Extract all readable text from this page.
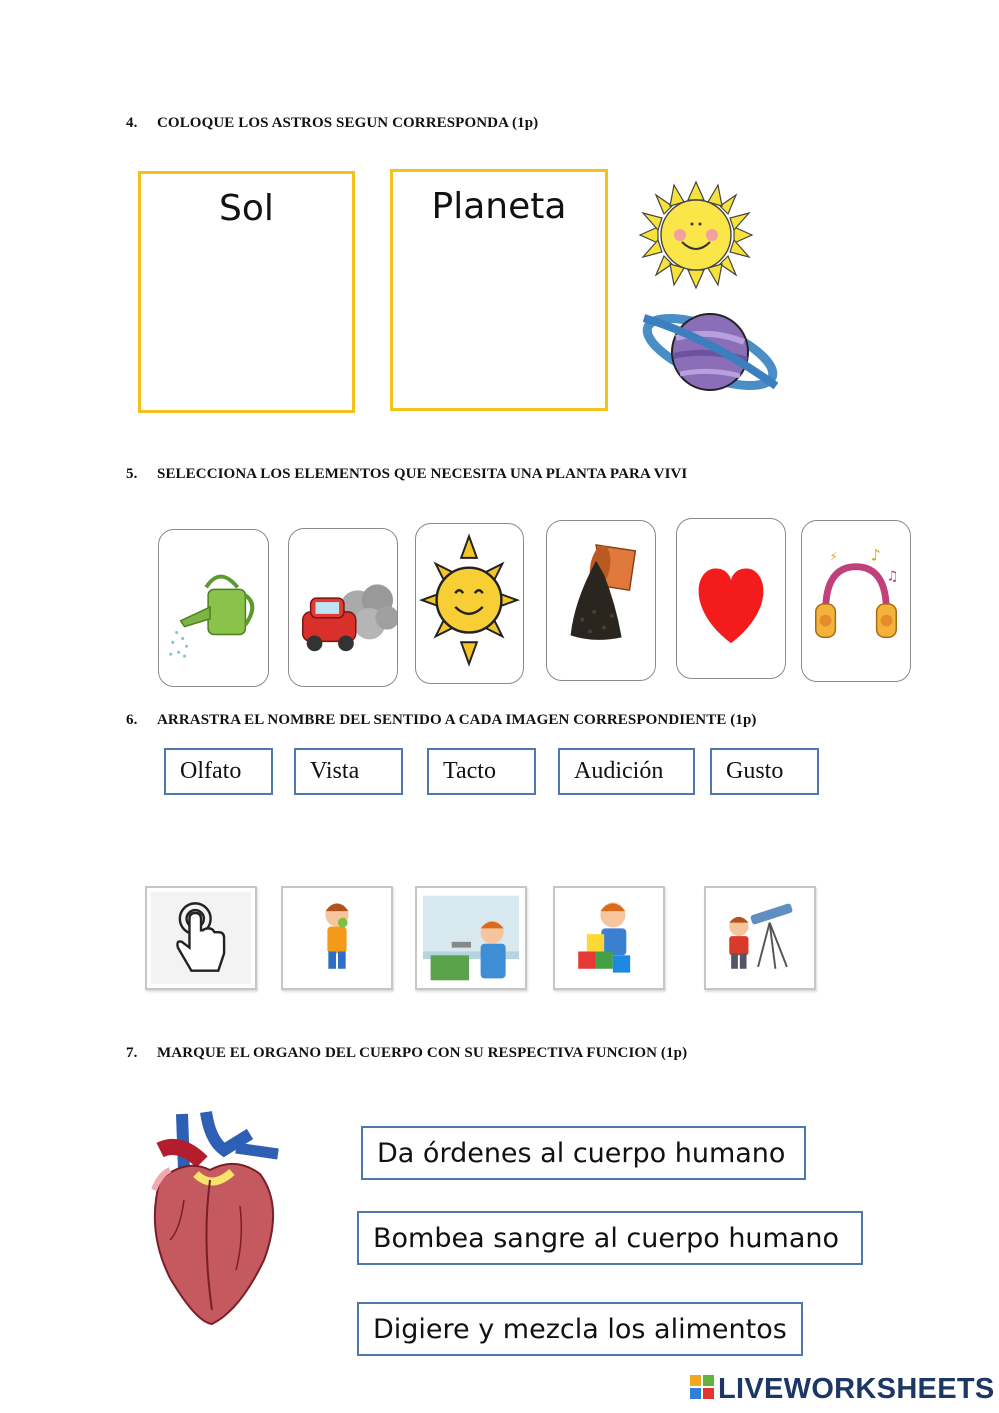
4. COLOQUE LOS ASTROS SEGUN CORRESPONDA (1p)
Sol	Planeta
5. SELECCIONA LOS ELEMENTOS QUE NECESITA UNA PLANTA PARA VIVI
♪
♫
⚡
6. ARRASTRA EL NOMBRE DEL SENTIDO A CADA IMAGEN CORRESPONDIENTE (1p)
Olfato	Vista	Tacto	Audición	Gusto
7. MARQUE EL ORGANO DEL CUERPO CON SU RESPECTIVA FUNCION (1p)
Da órdenes al cuerpo humano
Bombea sangre al cuerpo humano
Digiere y mezcla los alimentos
LIVEWORKSHEETS
